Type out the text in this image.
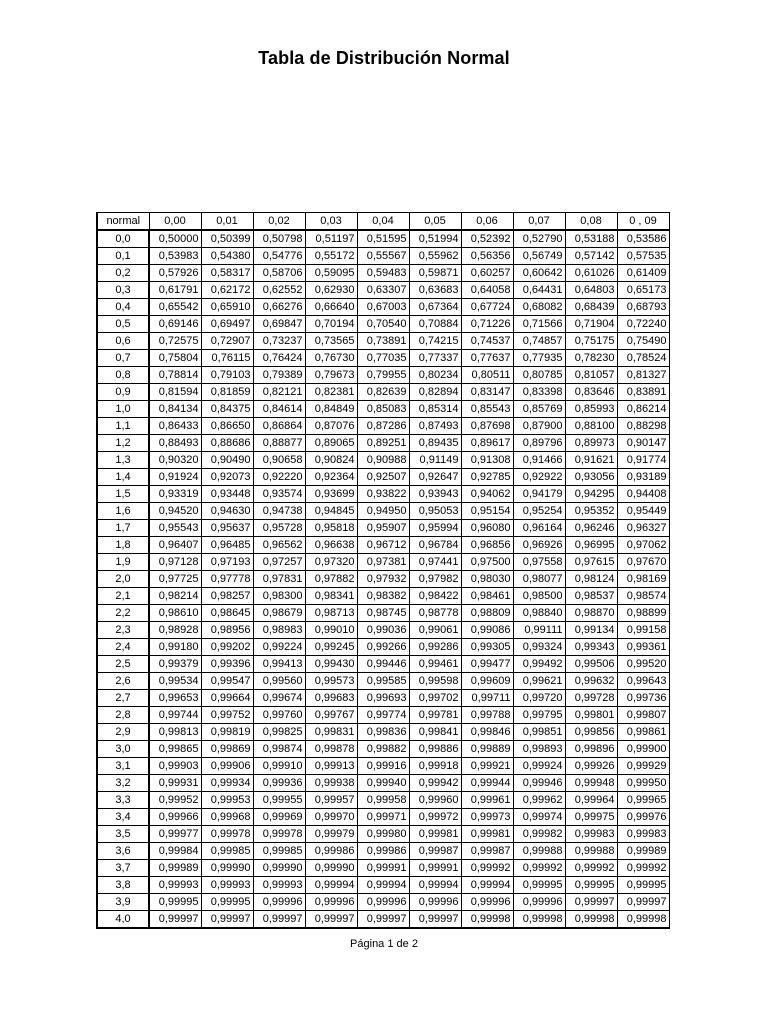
Tabla de Distribución Normal
normal	0,00	0,01	0,02	0,03	0,04	0,05	0,06	0,07	0,08	0 , 09
0,0	0,50000	0,50399	0,50798	0,51197	0,51595	0,51994	0,52392	0,52790	0,53188	0,53586
0,1	0,53983	0,54380	0,54776	0,55172	0,55567	0,55962	0,56356	0,56749	0,57142	0,57535
0,2	0,57926	0,58317	0,58706	0,59095	0,59483	0,59871	0,60257	0,60642	0,61026	0,61409
0,3	0,61791	0,62172	0,62552	0,62930	0,63307	0,63683	0,64058	0,64431	0,64803	0,65173
0,4	0,65542	0,65910	0,66276	0,66640	0,67003	0,67364	0,67724	0,68082	0,68439	0,68793
0,5	0,69146	0,69497	0,69847	0,70194	0,70540	0,70884	0,71226	0,71566	0,71904	0,72240
0,6	0,72575	0,72907	0,73237	0,73565	0,73891	0,74215	0,74537	0,74857	0,75175	0,75490
0,7	0,75804	0,76115	0,76424	0,76730	0,77035	0,77337	0,77637	0,77935	0,78230	0,78524
0,8	0,78814	0,79103	0,79389	0,79673	0,79955	0,80234	0,80511	0,80785	0,81057	0,81327
0,9	0,81594	0,81859	0,82121	0,82381	0,82639	0,82894	0,83147	0,83398	0,83646	0,83891
1,0	0,84134	0,84375	0,84614	0,84849	0,85083	0,85314	0,85543	0,85769	0,85993	0,86214
1,1	0,86433	0,86650	0,86864	0,87076	0,87286	0,87493	0,87698	0,87900	0,88100	0,88298
1,2	0,88493	0,88686	0,88877	0,89065	0,89251	0,89435	0,89617	0,89796	0,89973	0,90147
1,3	0,90320	0,90490	0,90658	0,90824	0,90988	0,91149	0,91308	0,91466	0,91621	0,91774
1,4	0,91924	0,92073	0,92220	0,92364	0,92507	0,92647	0,92785	0,92922	0,93056	0,93189
1,5	0,93319	0,93448	0,93574	0,93699	0,93822	0,93943	0,94062	0,94179	0,94295	0,94408
1,6	0,94520	0,94630	0,94738	0,94845	0,94950	0,95053	0,95154	0,95254	0,95352	0,95449
1,7	0,95543	0,95637	0,95728	0,95818	0,95907	0,95994	0,96080	0,96164	0,96246	0,96327
1,8	0,96407	0,96485	0,96562	0,96638	0,96712	0,96784	0,96856	0,96926	0,96995	0,97062
1,9	0,97128	0,97193	0,97257	0,97320	0,97381	0,97441	0,97500	0,97558	0,97615	0,97670
2,0	0,97725	0,97778	0,97831	0,97882	0,97932	0,97982	0,98030	0,98077	0,98124	0,98169
2,1	0,98214	0,98257	0,98300	0,98341	0,98382	0,98422	0,98461	0,98500	0,98537	0,98574
2,2	0,98610	0,98645	0,98679	0,98713	0,98745	0,98778	0,98809	0,98840	0,98870	0,98899
2,3	0,98928	0,98956	0,98983	0,99010	0,99036	0,99061	0,99086	0,99111	0,99134	0,99158
2,4	0,99180	0,99202	0,99224	0,99245	0,99266	0,99286	0,99305	0,99324	0,99343	0,99361
2,5	0,99379	0,99396	0,99413	0,99430	0,99446	0,99461	0,99477	0,99492	0,99506	0,99520
2,6	0,99534	0,99547	0,99560	0,99573	0,99585	0,99598	0,99609	0,99621	0,99632	0,99643
2,7	0,99653	0,99664	0,99674	0,99683	0,99693	0,99702	0,99711	0,99720	0,99728	0,99736
2,8	0,99744	0,99752	0,99760	0,99767	0,99774	0,99781	0,99788	0,99795	0,99801	0,99807
2,9	0,99813	0,99819	0,99825	0,99831	0,99836	0,99841	0,99846	0,99851	0,99856	0,99861
3,0	0,99865	0,99869	0,99874	0,99878	0,99882	0,99886	0,99889	0,99893	0,99896	0,99900
3,1	0,99903	0,99906	0,99910	0,99913	0,99916	0,99918	0,99921	0,99924	0,99926	0,99929
3,2	0,99931	0,99934	0,99936	0,99938	0,99940	0,99942	0,99944	0,99946	0,99948	0,99950
3,3	0,99952	0,99953	0,99955	0,99957	0,99958	0,99960	0,99961	0,99962	0,99964	0,99965
3,4	0,99966	0,99968	0,99969	0,99970	0,99971	0,99972	0,99973	0,99974	0,99975	0,99976
3,5	0,99977	0,99978	0,99978	0,99979	0,99980	0,99981	0,99981	0,99982	0,99983	0,99983
3,6	0,99984	0,99985	0,99985	0,99986	0,99986	0,99987	0,99987	0,99988	0,99988	0,99989
3,7	0,99989	0,99990	0,99990	0,99990	0,99991	0,99991	0,99992	0,99992	0,99992	0,99992
3,8	0,99993	0,99993	0,99993	0,99994	0,99994	0,99994	0,99994	0,99995	0,99995	0,99995
3,9	0,99995	0,99995	0,99996	0,99996	0,99996	0,99996	0,99996	0,99996	0,99997	0,99997
4,0	0,99997	0,99997	0,99997	0,99997	0,99997	0,99997	0,99998	0,99998	0,99998	0,99998
Página 1 de 2
